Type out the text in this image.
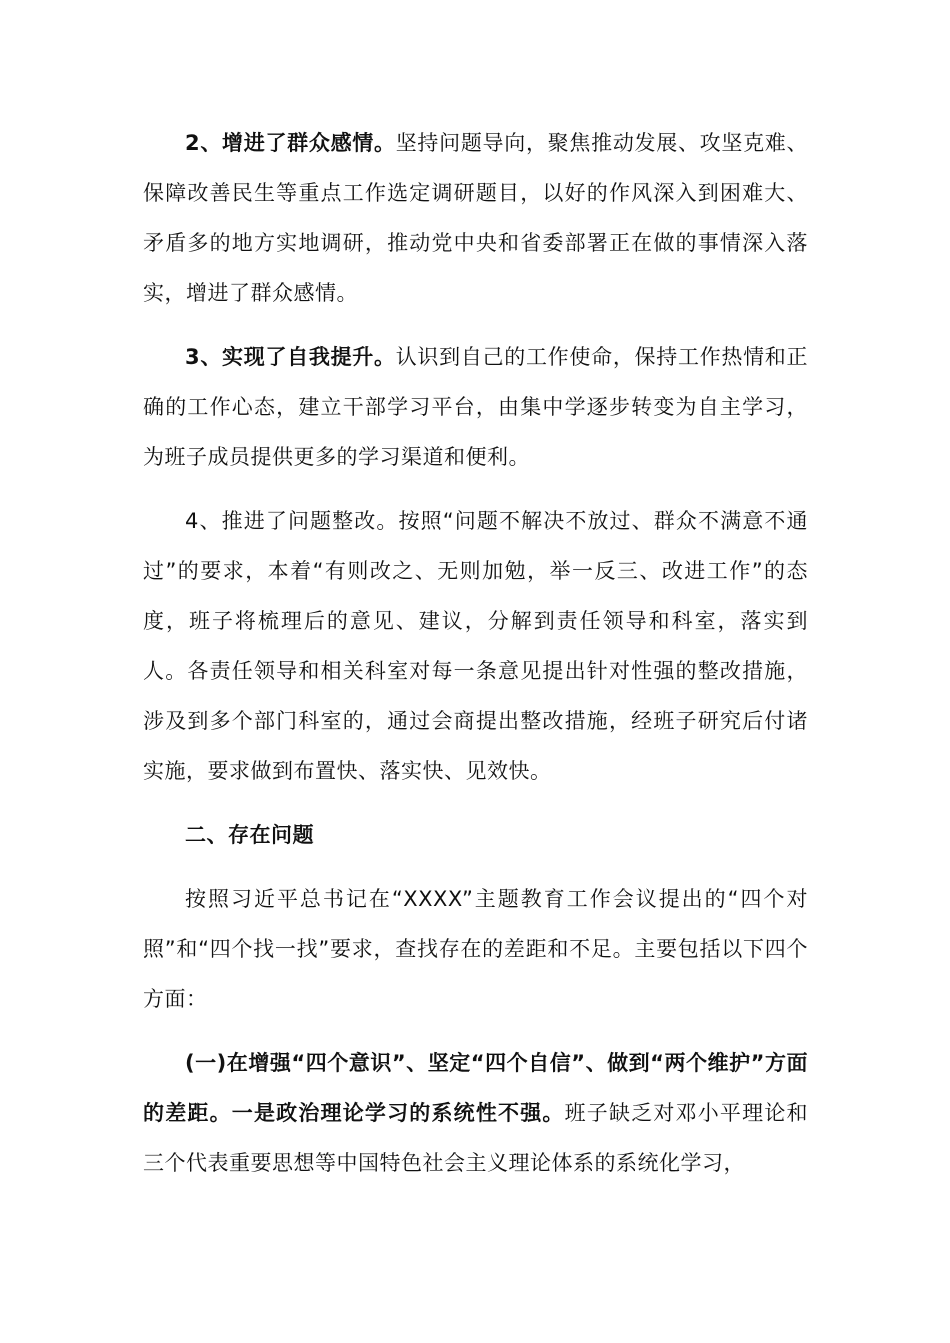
2、增进了群众感情。坚持问题导向，聚焦推动发展、攻坚克难、保障改善民生等重点工作选定调研题目，以好的作风深入到困难大、矛盾多的地方实地调研，推动党中央和省委部署正在做的事情深入落实，增进了群众感情。

3、实现了自我提升。认识到自己的工作使命，保持工作热情和正确的工作心态，建立干部学习平台，由集中学逐步转变为自主学习，为班子成员提供更多的学习渠道和便利。

4、推进了问题整改。按照“问题不解决不放过、群众不满意不通过”的要求，本着“有则改之、无则加勉，举一反三、改进工作”的态度，班子将梳理后的意见、建议，分解到责任领导和科室，落实到人。各责任领导和相关科室对每一条意见提出针对性强的整改措施，涉及到多个部门科室的，通过会商提出整改措施，经班子研究后付诸实施，要求做到布置快、落实快、见效快。

二、存在问题

按照习近平总书记在“XXXX”主题教育工作会议提出的“四个对照”和“四个找一找”要求，查找存在的差距和不足。主要包括以下四个方面：

(一)在增强“四个意识”、坚定“四个自信”、做到“两个维护”方面的差距。一是政治理论学习的系统性不强。班子缺乏对邓小平理论和三个代表重要思想等中国特色社会主义理论体系的系统化学习，
